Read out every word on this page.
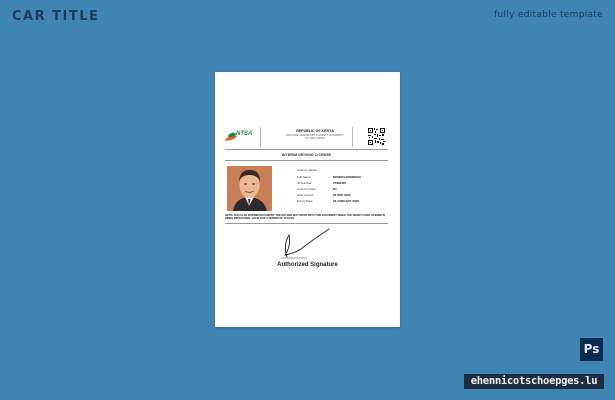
CAR TITLE	fully editable template
NTSA	REPUBLIC OF KENYA
NATIONAL TRANSPORT & SAFETY AUTHORITY
P.O. BOX 00100
INTERIM DRIVING LICENSE
Licence details
Full Name	ROWAN ATKINSON
ID Number	27895467
Licence Class	B1
Date Issued	23 SEP 2020
Expiry Date	23 JANUARY 2025
NOTE: THIS IS AN INTERIM DOCUMENT. THE HOLDER MAY DRIVE WITH THIS DOCUMENT WHILE THE SMART CARD LICENSE IS BEING PROCESSED. VALID FOR A PERIOD OF 90 DAYS.
Authorized Signature
Ps
ehennicotschoepges.lu
